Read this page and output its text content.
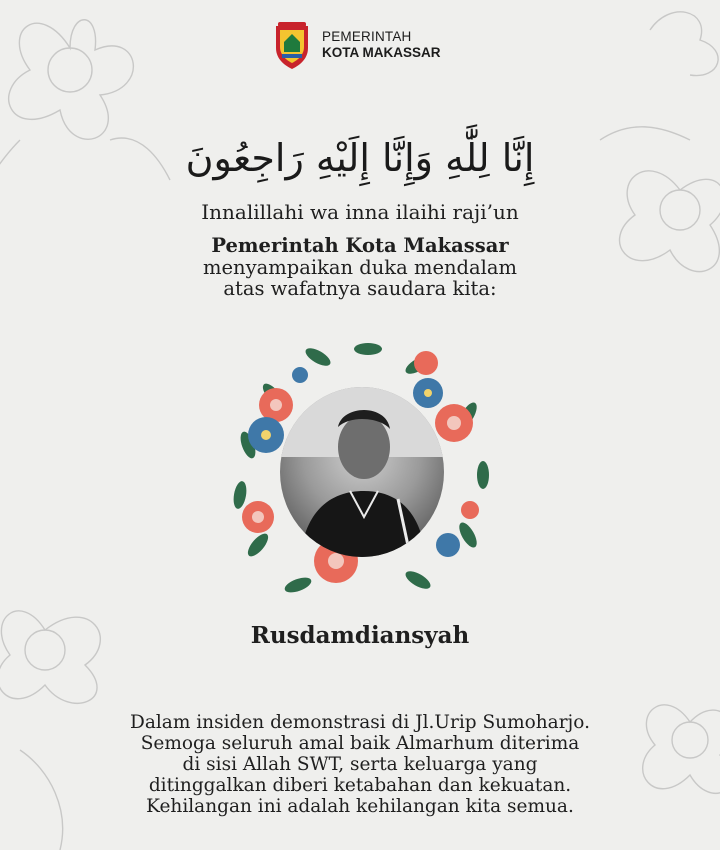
PEMERINTAH
KOTA MAKASSAR
إِنَّا لِلَّٰهِ وَإِنَّا إِلَيْهِ رَاجِعُونَ
Innalillahi wa inna ilaihi raji’un
Pemerintah Kota Makassar
menyampaikan duka mendalam
atas wafatnya saudara kita:
Rusdamdiansyah
Dalam insiden demonstrasi di Jl.Urip Sumoharjo.
Semoga seluruh amal baik Almarhum diterima
di sisi Allah SWT, serta keluarga yang
ditinggalkan diberi ketabahan dan kekuatan.
Kehilangan ini adalah kehilangan kita semua.
